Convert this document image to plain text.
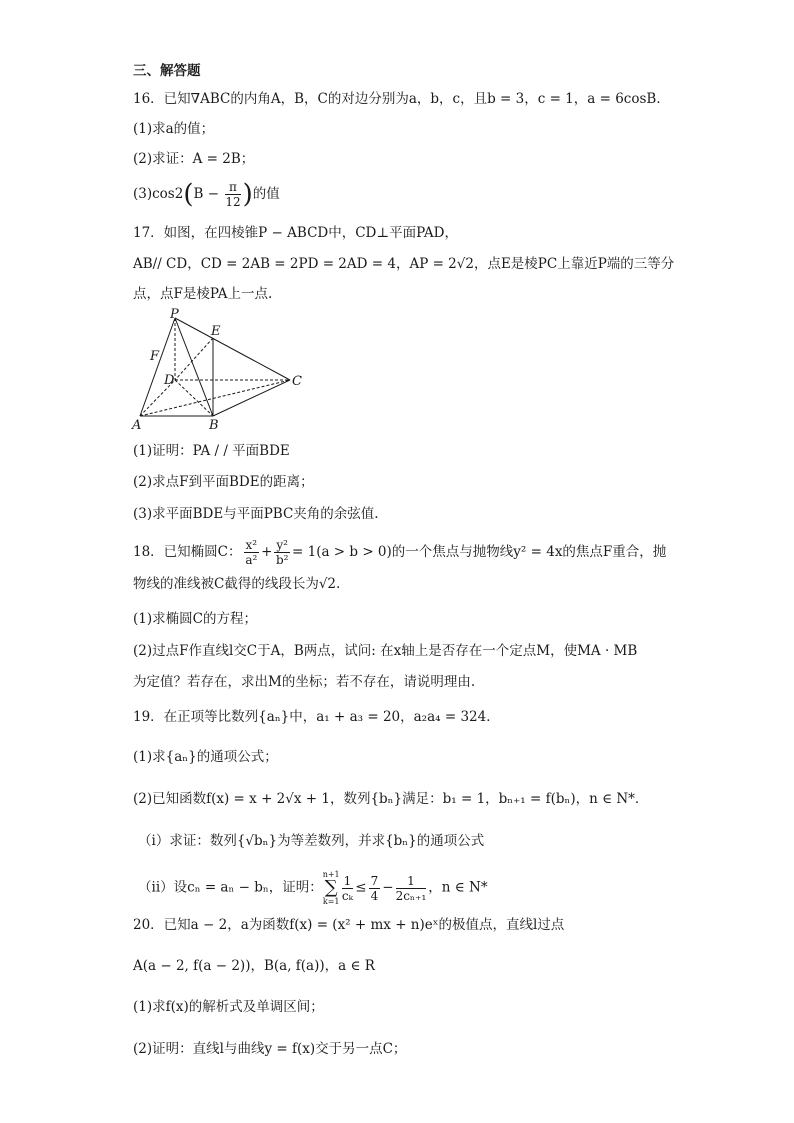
三、解答题
16．已知∇ABC的内角A，B，C的对边分别为a，b，c，且b = 3，c = 1，a = 6cosB．
(1)求a的值；
(2)求证：A = 2B；
$(3)\cos 2(B - \frac{\pi}{12}$ )的值
17．如图，在四棱锥P − ABCD中，CD⊥平面PAD，
AB// CD，CD = 2AB = 2PD = 2AD = 4，AP = 2√2，点E是棱PC上靠近P端的三等分
点，点F是棱PA上一点.
P
E
F
D	C
A	B
(1)证明：PA / / 平面BDE
(2)求点F到平面BDE的距离；
(3)求平面BDE与平面PBC夹角的余弦值.
18．已知椭圆C： $\frac{\text{x²}}{\text{a²}} + \frac{\text{y²}}{\text{b²}} = 1(a > b > 0)$的一个焦点与抛物线y² = 4x的焦点F重合，抛
物线的准线被C截得的线段长为√2.
(1)求椭圆C的方程；
(2)过点F作直线l交C于A，B两点，试问: 在x轴上是否存在一个定点M，使MA · MB
为定值？若存在，求出M的坐标；若不存在，请说明理由.
19．在正项等比数列{aₙ}中，a₁ + a₃ = 20，a₂a₄ = 324．
(1)求{aₙ}的通项公式；
(2)已知函数f(x) = x + 2√x + 1，数列{bₙ}满足：b₁ = 1，bₙ₊₁ = f(bₙ)，n ∈ N*．
（i）求证：数列{√bₙ}为等差数列，并求{bₙ}的通项公式
（ii）设cₙ = aₙ − bₙ，证明：
n+1
∑
$k=1 \frac{1}{\text{cₖ}} \le \frac{7}{4} - \frac{1}{\text{2cₙ₊₁}}$ ，n ∈ N*
20．已知a − 2，a为函数f(x) = (x² + mx + n)eˣ的极值点，直线l过点
A(a − 2, f(a − 2))，B(a, f(a))，a ∈ R
(1)求f(x)的解析式及单调区间；
(2)证明：直线l与曲线y = f(x)交于另一点C；
